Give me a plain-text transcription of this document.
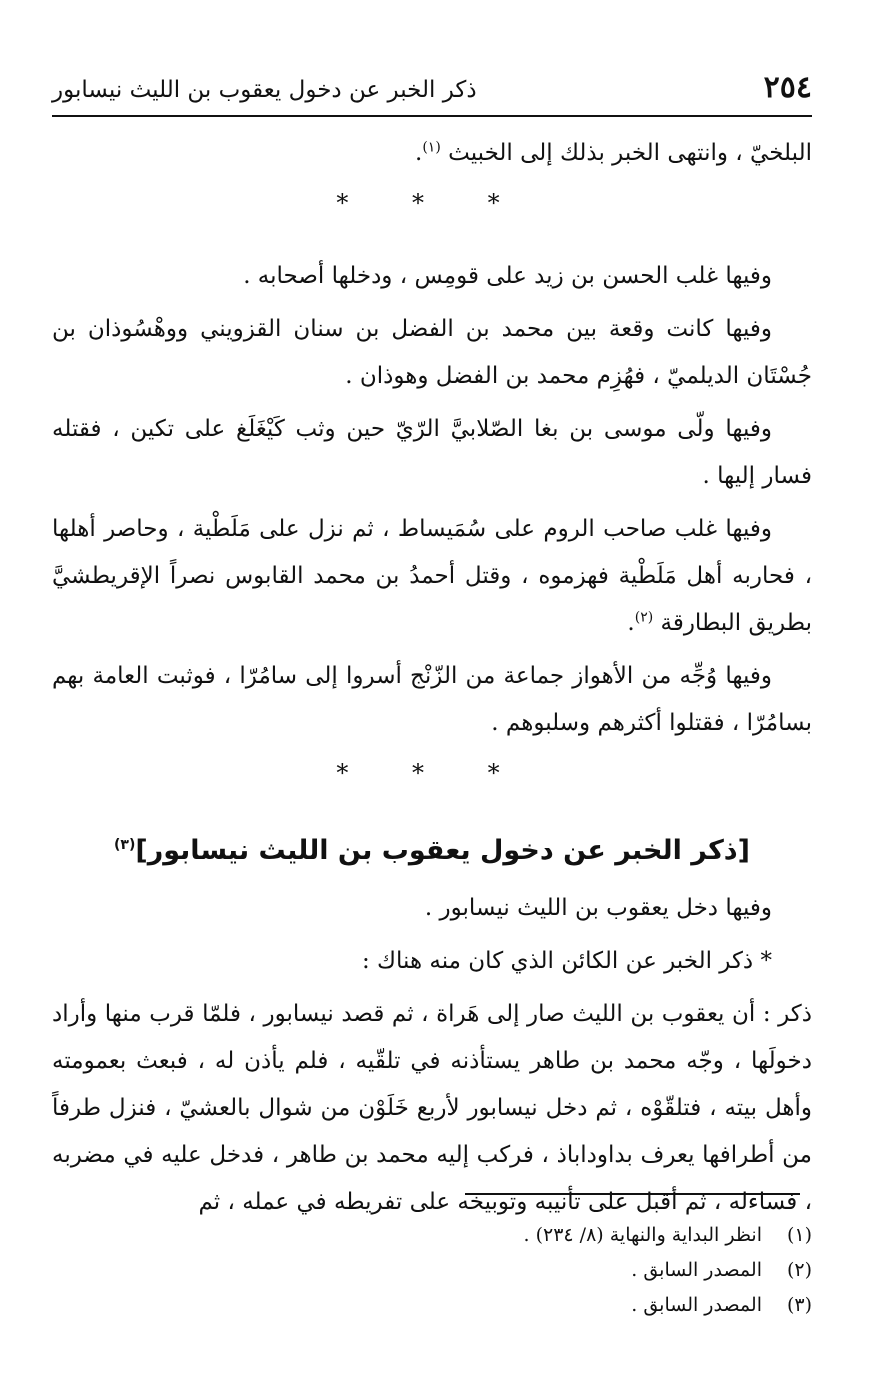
٢٥٤
ذكر الخبر عن دخول يعقوب بن الليث نيسابور

البلخيّ ، وانتهى الخبر بذلك إلى الخبيث $^{(١)}$.

* * *

وفيها غلب الحسن بن زيد على قومِس ، ودخلها أصحابه .

وفيها كانت وقعة بين محمد بن الفضل بن سنان القزويني ووهْسُوذان بن جُسْتَان الديلميّ ، فهُزِم محمد بن الفضل وهوذان .

وفيها ولّى موسى بن بغا الصّلابيَّ الرّيّ حين وثب كَيْغَلَغ على تكين ، فقتله فسار إليها .

وفيها غلب صاحب الروم على سُمَيساط ، ثم نزل على مَلَطْية ، وحاصر أهلها ، فحاربه أهل مَلَطْية فهزموه ، وقتل أحمدُ بن محمد القابوس نصراً الإقريطشيَّ بطريق البطارقة $^{(٢)}$.

وفيها وُجِّه من الأهواز جماعة من الزّنْج أسروا إلى سامُرّا ، فوثبت العامة بهم بسامُرّا ، فقتلوا أكثرهم وسلبوهم .

* * *

[ذكر الخبر عن دخول يعقوب بن الليث نيسابور]$^{(٣)}$

وفيها دخل يعقوب بن الليث نيسابور .

* ذكر الخبر عن الكائن الذي كان منه هناك :

ذكر : أن يعقوب بن الليث صار إلى هَراة ، ثم قصد نيسابور ، فلمّا قرب منها وأراد دخولَها ، وجّه محمد بن طاهر يستأذنه في تلقّيه ، فلم يأذن له ، فبعث بعمومته وأهل بيته ، فتلقّوْه ، ثم دخل نيسابور لأربع خَلَوْن من شوال بالعشيّ ، فنزل طرفاً من أطرافها يعرف بداوداباذ ، فركب إليه محمد بن طاهر ، فدخل عليه في مضربه ، فساءله ، ثم أقبل على تأنيبه وتوبيخه على تفريطه في عمله ، ثم

(١)انظر البداية والنهاية (٨/ ٢٣٤) .
(٢)المصدر السابق .
(٣)المصدر السابق .
